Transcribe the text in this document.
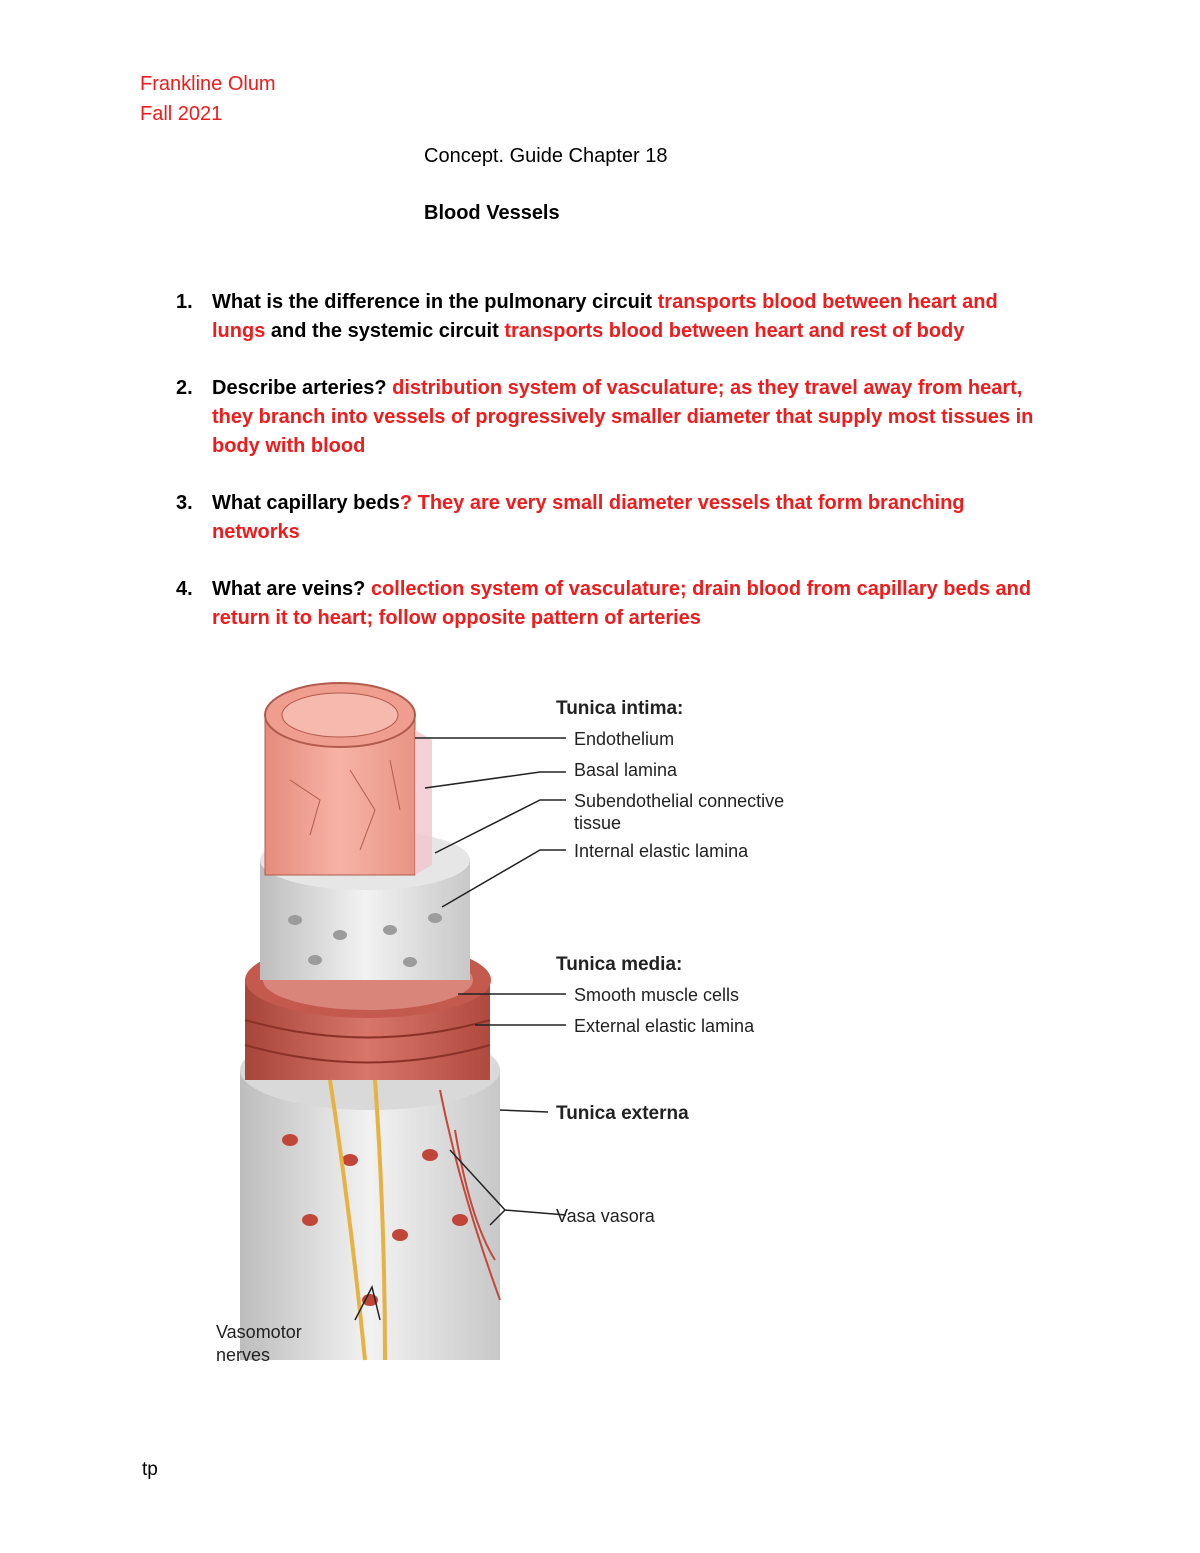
Frankline Olum
Fall 2021
Concept. Guide Chapter 18
Blood Vessels
1. What is the difference in the pulmonary circuit transports blood between heart and lungs and the systemic circuit transports blood between heart and rest of body
2. Describe arteries? distribution system of vasculature; as they travel away from heart, they branch into vessels of progressively smaller diameter that supply most tissues in body with blood
3. What capillary beds? They are very small diameter vessels that form branching networks
4. What are veins? collection system of vasculature; drain blood from capillary beds and return it to heart; follow opposite pattern of arteries
Tunica intima:
Endothelium
Basal lamina
Subendothelial connective
tissue
Internal elastic lamina
Tunica media:
Smooth muscle cells
External elastic lamina
Tunica externa
Vasa vasora
Vasomotor
nerves
tp
